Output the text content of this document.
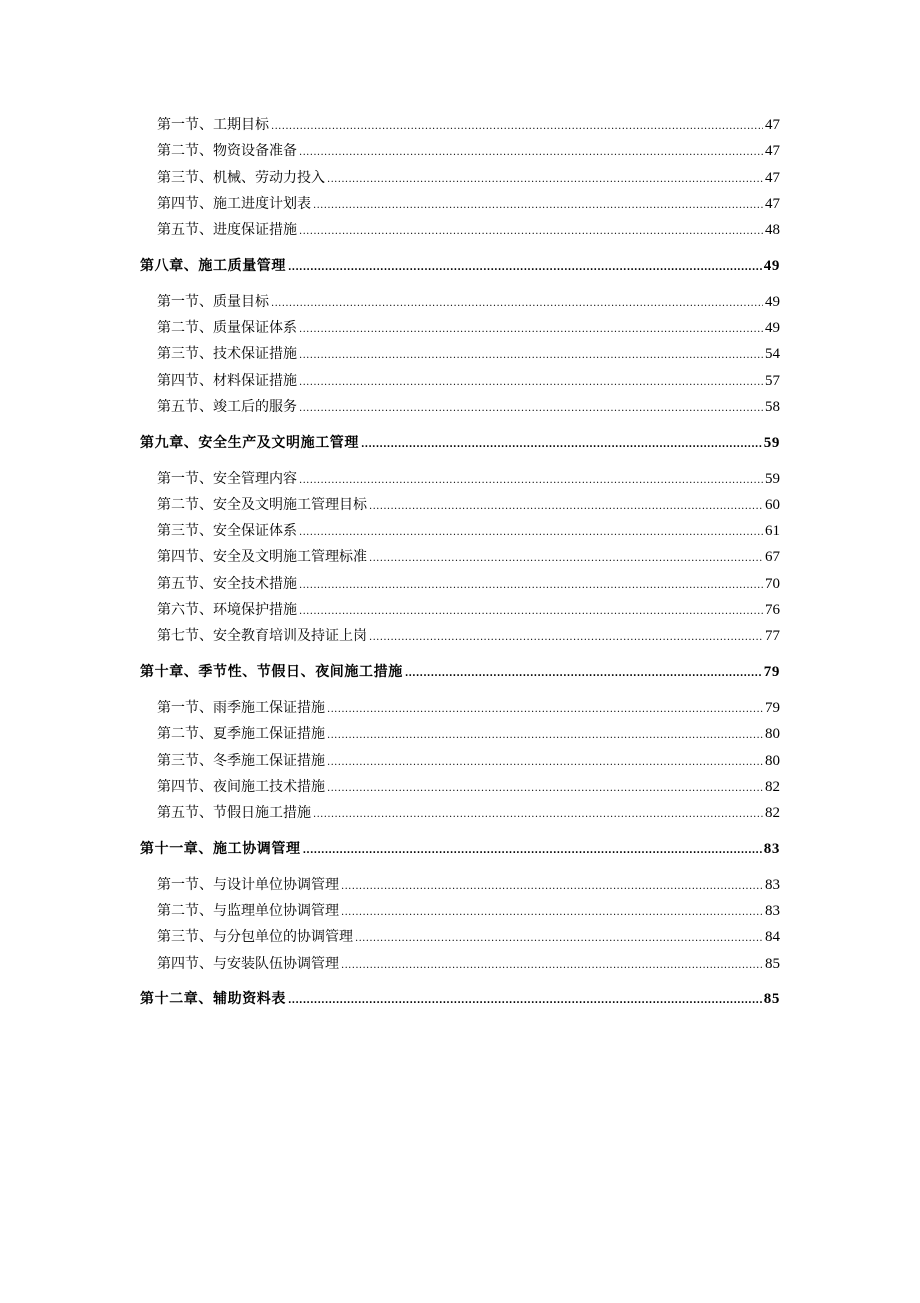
第一节、工期目标 .....	47
第二节、物资设备准备 .....	47
第三节、机械、劳动力投入 .....	47
第四节、施工进度计划表 .....	47
第五节、进度保证措施 .....	48
第八章、施工质量管理 .....	49
第一节、质量目标 .....	49
第二节、质量保证体系 .....	49
第三节、技术保证措施 .....	54
第四节、材料保证措施 .....	57
第五节、竣工后的服务 .....	58
第九章、安全生产及文明施工管理 .....	59
第一节、安全管理内容 .....	59
第二节、安全及文明施工管理目标 .....	60
第三节、安全保证体系 .....	61
第四节、安全及文明施工管理标准 .....	67
第五节、安全技术措施 .....	70
第六节、环境保护措施 .....	76
第七节、安全教育培训及持证上岗 .....	77
第十章、季节性、节假日、夜间施工措施 .....	79
第一节、雨季施工保证措施 .....	79
第二节、夏季施工保证措施 .....	80
第三节、冬季施工保证措施 .....	80
第四节、夜间施工技术措施 .....	82
第五节、节假日施工措施 .....	82
第十一章、施工协调管理 .....	83
第一节、与设计单位协调管理 .....	83
第二节、与监理单位协调管理 .....	83
第三节、与分包单位的协调管理 .....	84
第四节、与安装队伍协调管理 .....	85
第十二章、辅助资料表 .....	85
